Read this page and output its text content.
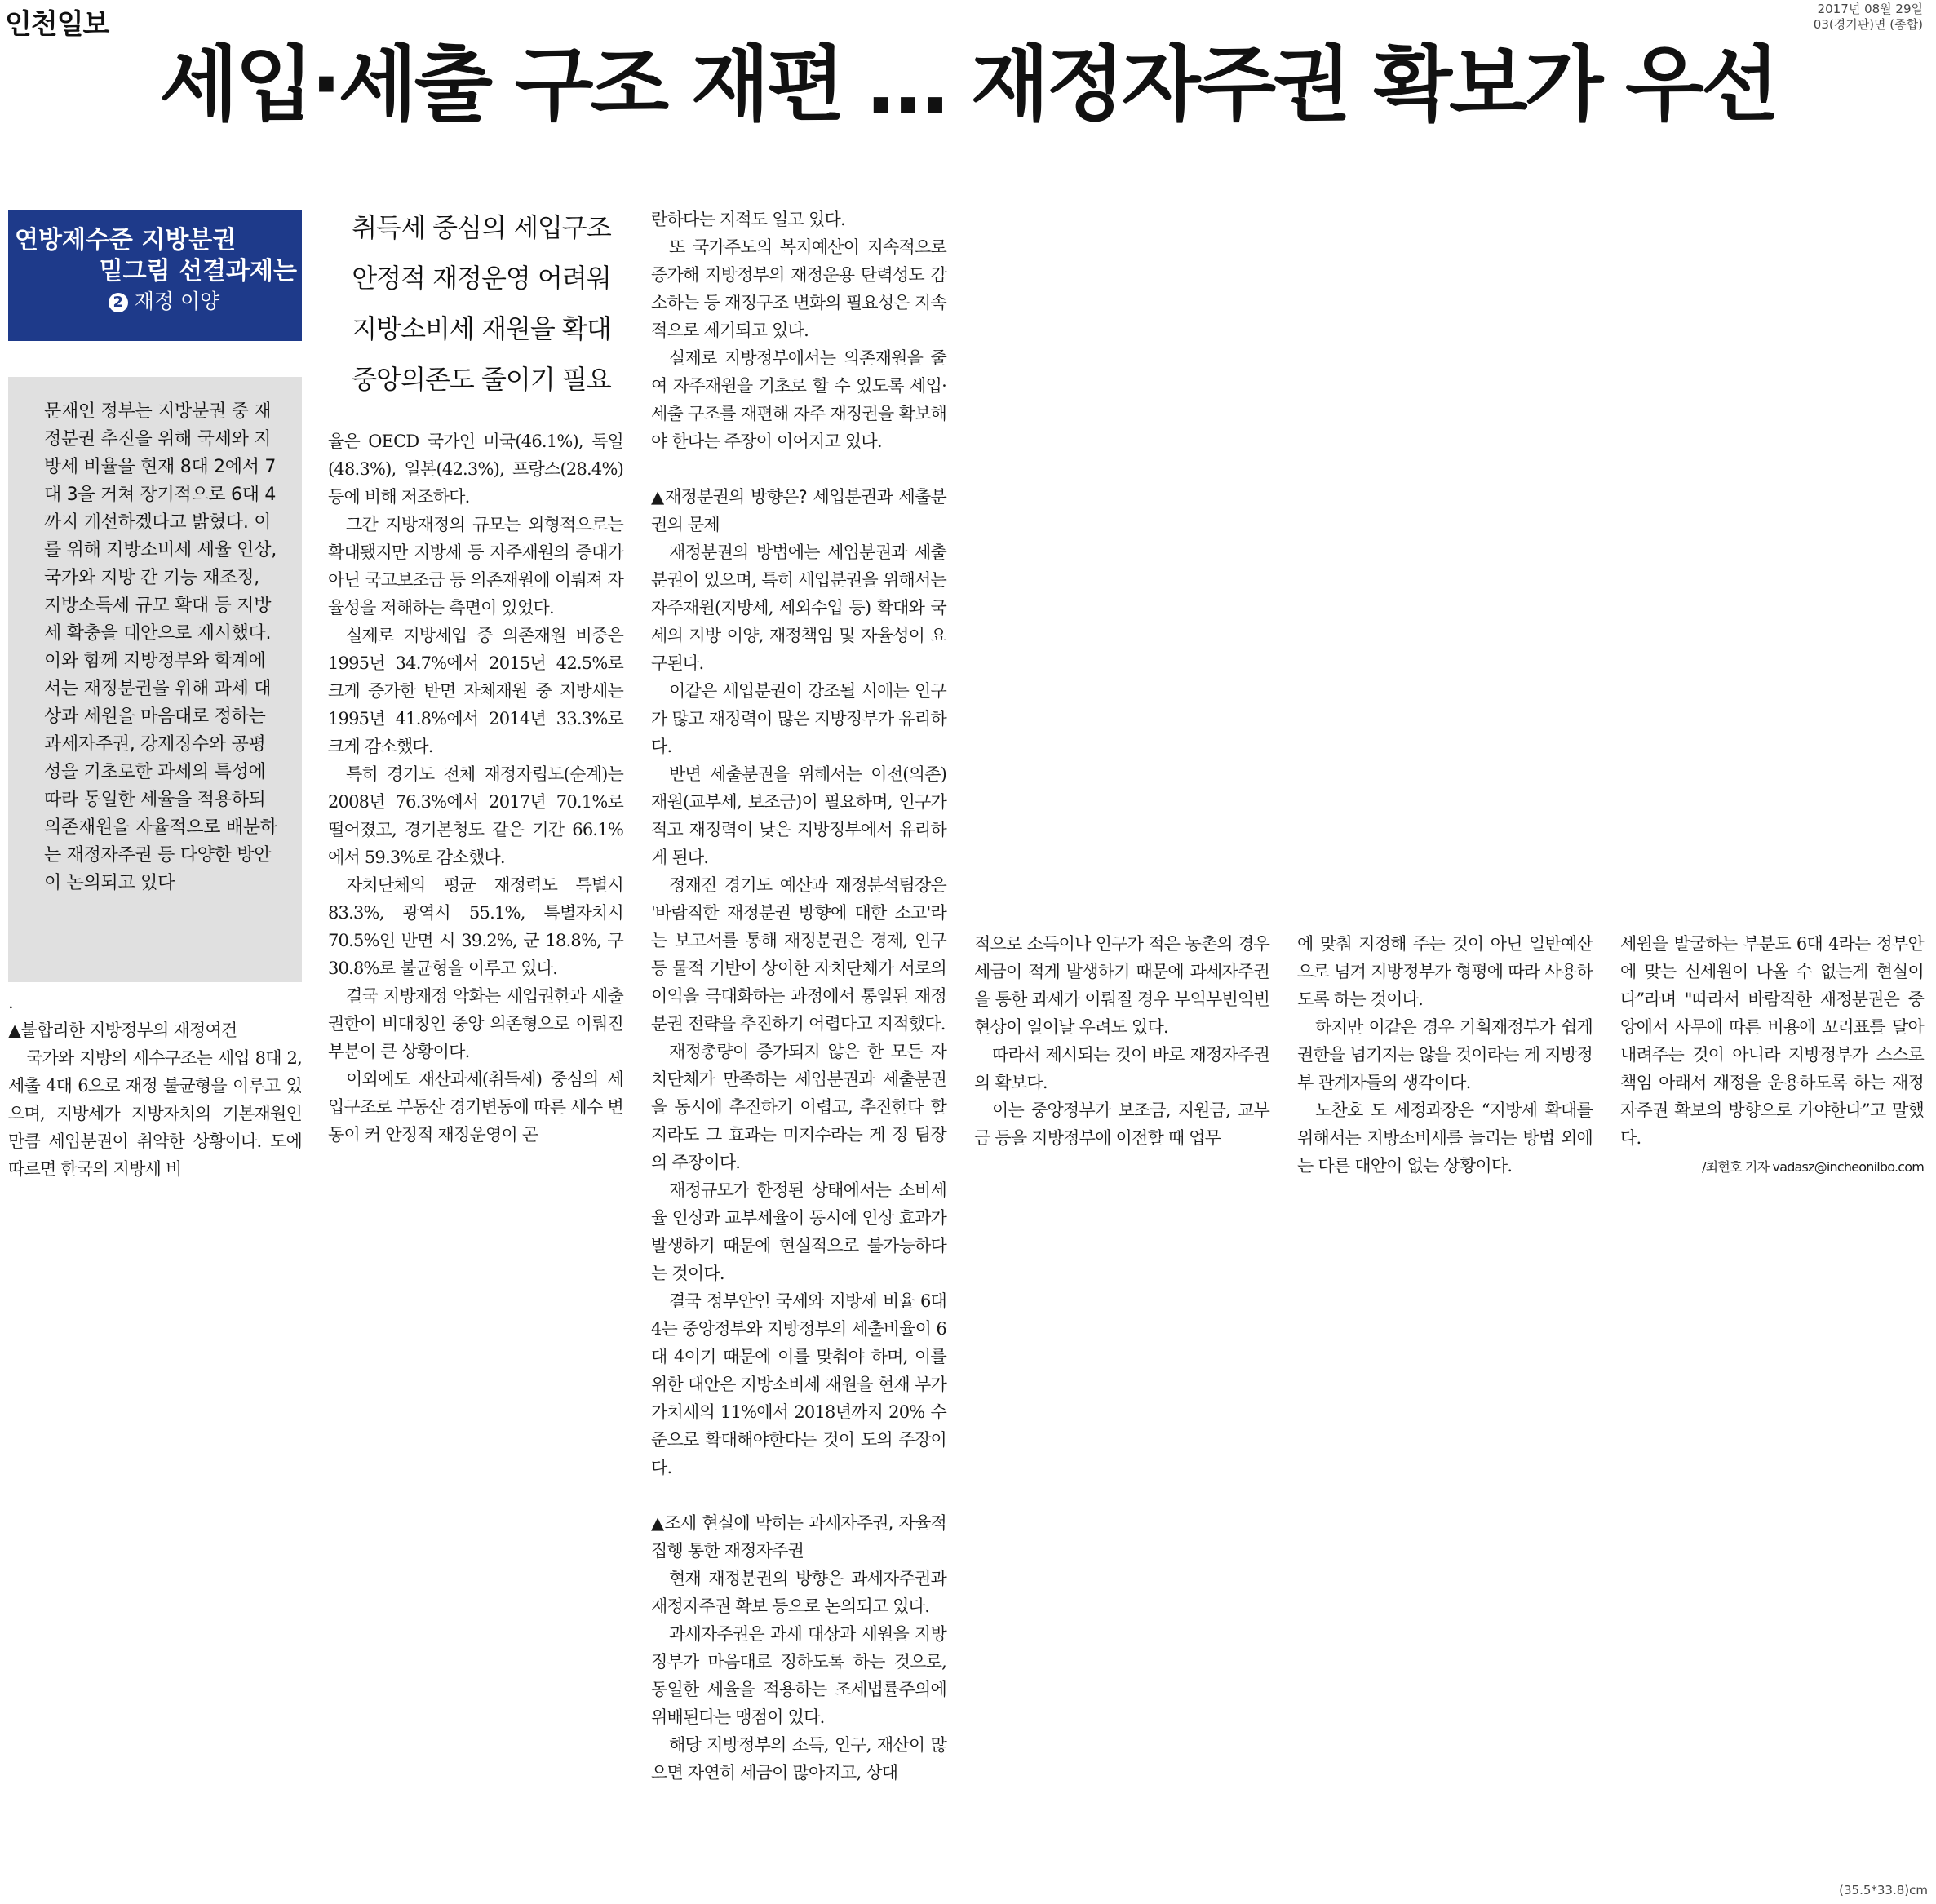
인천일보	2017년 08월 29일
03(경기판)면 (종합)
세입·세출 구조 재편 … 재정자주권 확보가 우선
연방제수준 지방분권
밑그림 선결과제는
2 재정 이양

문재인 정부는 지방분권 중 재정분권 추진을 위해 국세와 지방세 비율을 현재 8대 2에서 7대 3을 거쳐 장기적으로 6대 4까지 개선하겠다고 밝혔다. 이를 위해 지방소비세 세율 인상, 국가와 지방 간 기능 재조정, 지방소득세 규모 확대 등 지방세 확충을 대안으로 제시했다. 이와 함께 지방정부와 학계에서는 재정분권을 위해 과세 대상과 세원을 마음대로 정하는 과세자주권, 강제징수와 공평성을 기초로한 과세의 특성에 따라 동일한 세율을 적용하되 의존재원을 자율적으로 배분하는 재정자주권 등 다양한 방안이 논의되고 있다

취득세 중심의 세입구조
안정적 재정운영 어려워
지방소비세 재원을 확대
중앙의존도 줄이기 필요

.

▲불합리한 지방정부의 재정여건

국가와 지방의 세수구조는 세입 8대 2, 세출 4대 6으로 재정 불균형을 이루고 있으며, 지방세가 지방자치의 기본재원인 만큼 세입분권이 취약한 상황이다. 도에 따르면 한국의 지방세 비

율은 OECD 국가인 미국(46.1%), 독일(48.3%), 일본(42.3%), 프랑스(28.4%) 등에 비해 저조하다.

그간 지방재정의 규모는 외형적으로는 확대됐지만 지방세 등 자주재원의 증대가 아닌 국고보조금 등 의존재원에 이뤄져 자율성을 저해하는 측면이 있었다.

실제로 지방세입 중 의존재원 비중은 1995년 34.7%에서 2015년 42.5%로 크게 증가한 반면 자체재원 중 지방세는 1995년 41.8%에서 2014년 33.3%로 크게 감소했다.

특히 경기도 전체 재정자립도(순계)는 2008년 76.3%에서 2017년 70.1%로 떨어졌고, 경기본청도 같은 기간 66.1%에서 59.3%로 감소했다.

자치단체의 평균 재정력도 특별시 83.3%, 광역시 55.1%, 특별자치시 70.5%인 반면 시 39.2%, 군 18.8%, 구 30.8%로 불균형을 이루고 있다.

결국 지방재정 악화는 세입권한과 세출권한이 비대칭인 중앙 의존형으로 이뤄진 부분이 큰 상황이다.

이외에도 재산과세(취득세) 중심의 세입구조로 부동산 경기변동에 따른 세수 변동이 커 안정적 재정운영이 곤

란하다는 지적도 일고 있다.

또 국가주도의 복지예산이 지속적으로 증가해 지방정부의 재정운용 탄력성도 감소하는 등 재정구조 변화의 필요성은 지속적으로 제기되고 있다.

실제로 지방정부에서는 의존재원을 줄여 자주재원을 기초로 할 수 있도록 세입·세출 구조를 재편해 자주 재정권을 확보해야 한다는 주장이 이어지고 있다.

▲재정분권의 방향은? 세입분권과 세출분권의 문제

재정분권의 방법에는 세입분권과 세출분권이 있으며, 특히 세입분권을 위해서는 자주재원(지방세, 세외수입 등) 확대와 국세의 지방 이양, 재정책임 및 자율성이 요구된다.

이같은 세입분권이 강조될 시에는 인구가 많고 재정력이 많은 지방정부가 유리하다.

반면 세출분권을 위해서는 이전(의존)재원(교부세, 보조금)이 필요하며, 인구가 적고 재정력이 낮은 지방정부에서 유리하게 된다.

정재진 경기도 예산과 재정분석팀장은 '바람직한 재정분권 방향에 대한 소고'라는 보고서를 통해 재정분권은 경제, 인구 등 물적 기반이 상이한 자치단체가 서로의 이익을 극대화하는 과정에서 통일된 재정분권 전략을 추진하기 어렵다고 지적했다.

재정총량이 증가되지 않은 한 모든 자치단체가 만족하는 세입분권과 세출분권을 동시에 추진하기 어렵고, 추진한다 할지라도 그 효과는 미지수라는 게 정 팀장의 주장이다.

재정규모가 한정된 상태에서는 소비세율 인상과 교부세율이 동시에 인상 효과가 발생하기 때문에 현실적으로 불가능하다는 것이다.

결국 정부안인 국세와 지방세 비율 6대 4는 중앙정부와 지방정부의 세출비율이 6대 4이기 때문에 이를 맞춰야 하며, 이를 위한 대안은 지방소비세 재원을 현재 부가가치세의 11%에서 2018년까지 20% 수준으로 확대해야한다는 것이 도의 주장이다.

▲조세 현실에 막히는 과세자주권, 자율적 집행 통한 재정자주권

현재 재정분권의 방향은 과세자주권과 재정자주권 확보 등으로 논의되고 있다.

과세자주권은 과세 대상과 세원을 지방정부가 마음대로 정하도록 하는 것으로, 동일한 세율을 적용하는 조세법률주의에 위배된다는 맹점이 있다.

해당 지방정부의 소득, 인구, 재산이 많으면 자연히 세금이 많아지고, 상대

적으로 소득이나 인구가 적은 농촌의 경우 세금이 적게 발생하기 때문에 과세자주권을 통한 과세가 이뤄질 경우 부익부빈익빈 현상이 일어날 우려도 있다.

따라서 제시되는 것이 바로 재정자주권의 확보다.

이는 중앙정부가 보조금, 지원금, 교부금 등을 지방정부에 이전할 때 업무

에 맞춰 지정해 주는 것이 아닌 일반예산으로 넘겨 지방정부가 형평에 따라 사용하도록 하는 것이다.

하지만 이같은 경우 기획재정부가 쉽게 권한을 넘기지는 않을 것이라는 게 지방정부 관계자들의 생각이다.

노찬호 도 세정과장은 “지방세 확대를 위해서는 지방소비세를 늘리는 방법 외에는 다른 대안이 없는 상황이다.

세원을 발굴하는 부분도 6대 4라는 정부안에 맞는 신세원이 나올 수 없는게 현실이다”라며 "따라서 바람직한 재정분권은 중앙에서 사무에 따른 비용에 꼬리표를 달아 내려주는 것이 아니라 지방정부가 스스로 책임 아래서 재정을 운용하도록 하는 재정자주권 확보의 방향으로 가야한다”고 말했다.

/최현호 기자 vadasz@incheonilbo.com
(35.5*33.8)cm
